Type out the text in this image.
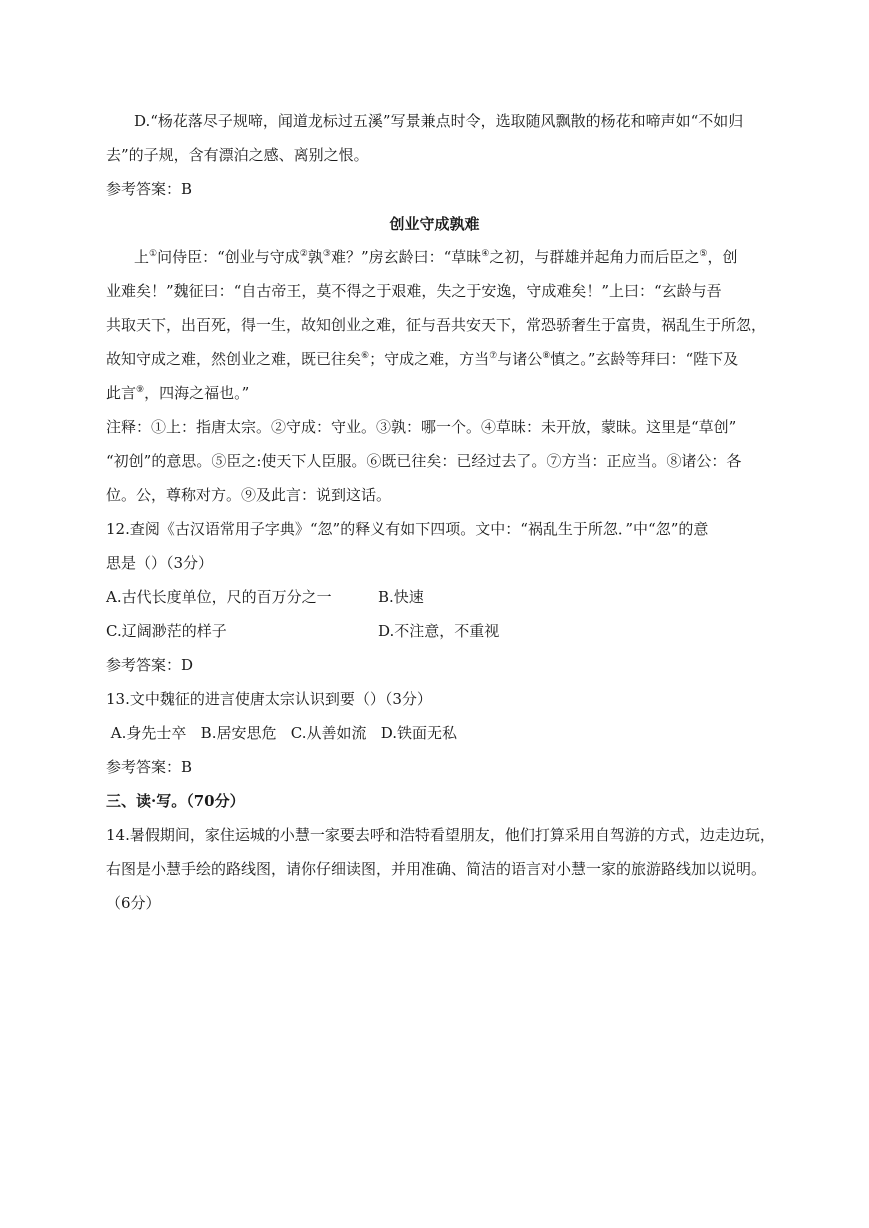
D.“杨花落尽子规啼，闻道龙标过五溪”写景兼点时令，选取随风飘散的杨花和啼声如“不如归
去”的子规，含有漂泊之感、离别之恨。
参考答案：B
创业守成孰难
上①问侍臣：“创业与守成②孰③难？”房玄龄曰：“草昧④之初，与群雄并起角力而后臣之⑤，创
业难矣！”魏征曰：“自古帝王，莫不得之于艰难，失之于安逸，守成难矣！”上曰：“玄龄与吾
共取天下，出百死，得一生，故知创业之难，征与吾共安天下，常恐骄奢生于富贵，祸乱生于所忽，
故知守成之难，然创业之难，既已往矣⑥；守成之难，方当⑦与诸公⑧慎之。”玄龄等拜曰：“陛下及
此言⑨，四海之福也。”
注释：①上：指唐太宗。②守成：守业。③孰：哪一个。④草昧：未开放，蒙昧。这里是“草创”
“初创”的意思。⑤臣之:使天下人臣服。⑥既已往矣：已经过去了。⑦方当：正应当。⑧诸公：各
位。公，尊称对方。⑨及此言：说到这话。
12.查阅《古汉语常用子字典》“忽”的释义有如下四项。文中：“祸乱生于所忽．”中“忽”的意
思是（）（3分）
A.古代长度单位，尺的百万分之一	B.快速
C.辽阔渺茫的样子	D.不注意，不重视
参考答案：D
13.文中魏征的进言使唐太宗认识到要（）（3分）
A.身先士卒   B.居安思危   C.从善如流   D.铁面无私
参考答案：B
三、读·写。（70分）
14.暑假期间，家住运城的小慧一家要去呼和浩特看望朋友，他们打算采用自驾游的方式，边走边玩，
右图是小慧手绘的路线图，请你仔细读图，并用准确、简洁的语言对小慧一家的旅游路线加以说明。
（6分）
